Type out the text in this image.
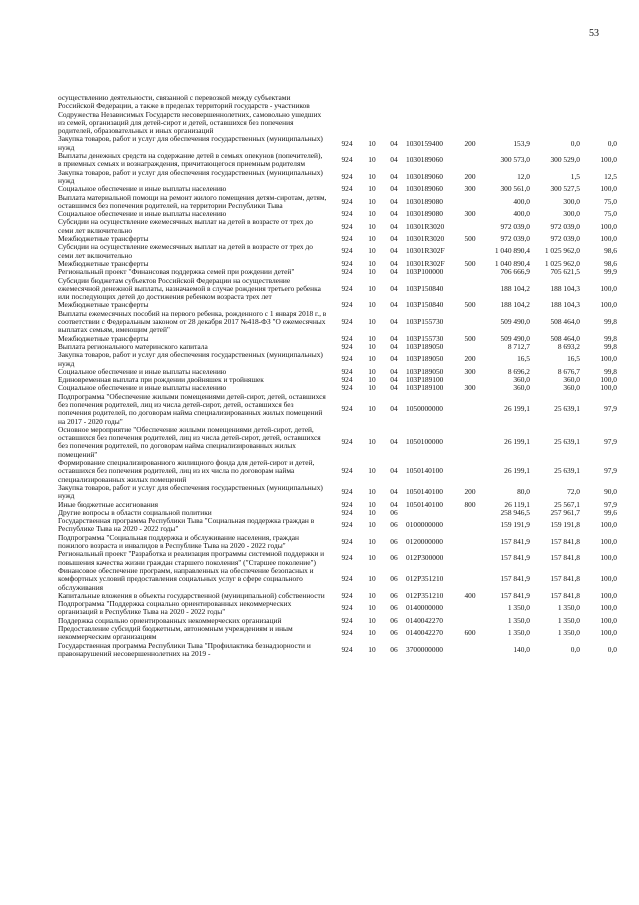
53
осуществлению деятельности, связанной с перевозкой между субъектами Российской Федерации, а также в пределах территорий государств - участников Содружества Независимых Государств несовершеннолетних, самовольно ушедших из семей, организаций для детей-сирот и детей, оставшихся без попечения родителей, образовательных и иных организаций								
Закупка товаров, работ и услуг для обеспечения государственных (муниципальных) нужд	924	10	04	1030159400	200	153,9	0,0	0,0
Выплаты денежных средств на содержание детей в семьях опекунов (попечителей), в приемных семьях и вознаграждения, причитающегося приемным родителям	924	10	04	1030189060		300 573,0	300 529,0	100,0
Закупка товаров, работ и услуг для обеспечения государственных (муниципальных) нужд	924	10	04	1030189060	200	12,0	1,5	12,5
Социальное обеспечение и иные выплаты населению	924	10	04	1030189060	300	300 561,0	300 527,5	100,0
Выплата материальной помощи на ремонт жилого помещения детям-сиротам, детям, оставшимся без попечения родителей, на территории Республики Тыва	924	10	04	1030189080		400,0	300,0	75,0
Социальное обеспечение и иные выплаты населению	924	10	04	1030189080	300	400,0	300,0	75,0
Субсидии на осуществление ежемесячных выплат на детей в возрасте от трех до семи лет включительно	924	10	04	10301R3020		972 039,0	972 039,0	100,0
Межбюджетные трансферты	924	10	04	10301R3020	500	972 039,0	972 039,0	100,0
Субсидии на осуществление ежемесячных выплат на детей в возрасте от трех до семи лет включительно	924	10	04	10301R302F		1 040 890,4	1 025 962,0	98,6
Межбюджетные трансферты	924	10	04	10301R302F	500	1 040 890,4	1 025 962,0	98,6
Региональный проект "Финансовая поддержка семей при рождении детей"	924	10	04	103P100000		706 666,9	705 621,5	99,9
Субсидии бюджетам субъектов Российской Федерации на осуществление ежемесячной денежной выплаты, назначаемой в случае рождения третьего ребенка или последующих детей до достижения ребенком возраста трех лет	924	10	04	103P150840		188 104,2	188 104,3	100,0
Межбюджетные трансферты	924	10	04	103P150840	500	188 104,2	188 104,3	100,0
Выплаты ежемесячных пособий на первого ребенка, рожденного с 1 января 2018 г., в соответствии с Федеральным законом от 28 декабря 2017 №418-ФЗ "О ежемесячных выплатах семьям, имеющим детей"	924	10	04	103P155730		509 490,0	508 464,0	99,8
Межбюджетные трансферты	924	10	04	103P155730	500	509 490,0	508 464,0	99,8
Выплата регионального материнского капитала	924	10	04	103P189050		8 712,7	8 693,2	99,8
Закупка товаров, работ и услуг для обеспечения государственных (муниципальных) нужд	924	10	04	103P189050	200	16,5	16,5	100,0
Социальное обеспечение и иные выплаты населению	924	10	04	103P189050	300	8 696,2	8 676,7	99,8
Единовременная выплата при рождении двойняшек и тройняшек	924	10	04	103P189100		360,0	360,0	100,0
Социальное обеспечение и иные выплаты населению	924	10	04	103P189100	300	360,0	360,0	100,0
Подпрограмма "Обеспечение жилыми помещениями детей-сирот, детей, оставшихся без попечения родителей, лиц из числа детей-сирот, детей, оставшихся без попечения родителей, по договорам найма специализированных жилых помещений на 2017 - 2020 годы"	924	10	04	1050000000		26 199,1	25 639,1	97,9
Основное мероприятие "Обеспечение жилыми помещениями детей-сирот, детей, оставшихся без попечения родителей, лиц из числа детей-сирот, детей, оставшихся без попечения родителей, по договорам найма специализированных жилых помещений"	924	10	04	1050100000		26 199,1	25 639,1	97,9
Формирование специализированного жилищного фонда для детей-сирот и детей, оставшихся без попечения родителей, лиц из их числа по договорам найма специализированных жилых помещений	924	10	04	1050140100		26 199,1	25 639,1	97,9
Закупка товаров, работ и услуг для обеспечения государственных (муниципальных) нужд	924	10	04	1050140100	200	80,0	72,0	90,0
Иные бюджетные ассигнования	924	10	04	1050140100	800	26 119,1	25 567,1	97,9
Другие вопросы в области социальной политики	924	10	06			258 946,5	257 961,7	99,6
Государственная программа Республики Тыва "Социальная поддержка граждан в Республике Тыва на 2020 - 2022 годы"	924	10	06	0100000000		159 191,9	159 191,8	100,0
Подпрограмма "Социальная поддержка и обслуживание населения, граждан пожилого возраста и инвалидов в Республике Тыва на 2020 - 2022 годы"	924	10	06	0120000000		157 841,9	157 841,8	100,0
Региональный проект "Разработка и реализация программы системной поддержки и повышения качества жизни граждан старшего поколения" ("Старшее поколение")	924	10	06	012P300000		157 841,9	157 841,8	100,0
Финансовое обеспечение программ, направленных на обеспечение безопасных и комфортных условий предоставления социальных услуг в сфере социального обслуживания	924	10	06	012P351210		157 841,9	157 841,8	100,0
Капитальные вложения в объекты государственной (муниципальной) собственности	924	10	06	012P351210	400	157 841,9	157 841,8	100,0
Подпрограмма "Поддержка социально ориентированных некоммерческих организаций в Республике Тыва на 2020 - 2022 годы"	924	10	06	0140000000		1 350,0	1 350,0	100,0
Поддержка социально ориентированных некоммерческих организаций	924	10	06	0140042270		1 350,0	1 350,0	100,0
Предоставление субсидий бюджетным, автономным учреждениям и иным некоммерческим организациям	924	10	06	0140042270	600	1 350,0	1 350,0	100,0
Государственная программа Республики Тыва "Профилактика безнадзорности и правонарушений несовершеннолетних на 2019 -	924	10	06	3700000000		140,0	0,0	0,0
